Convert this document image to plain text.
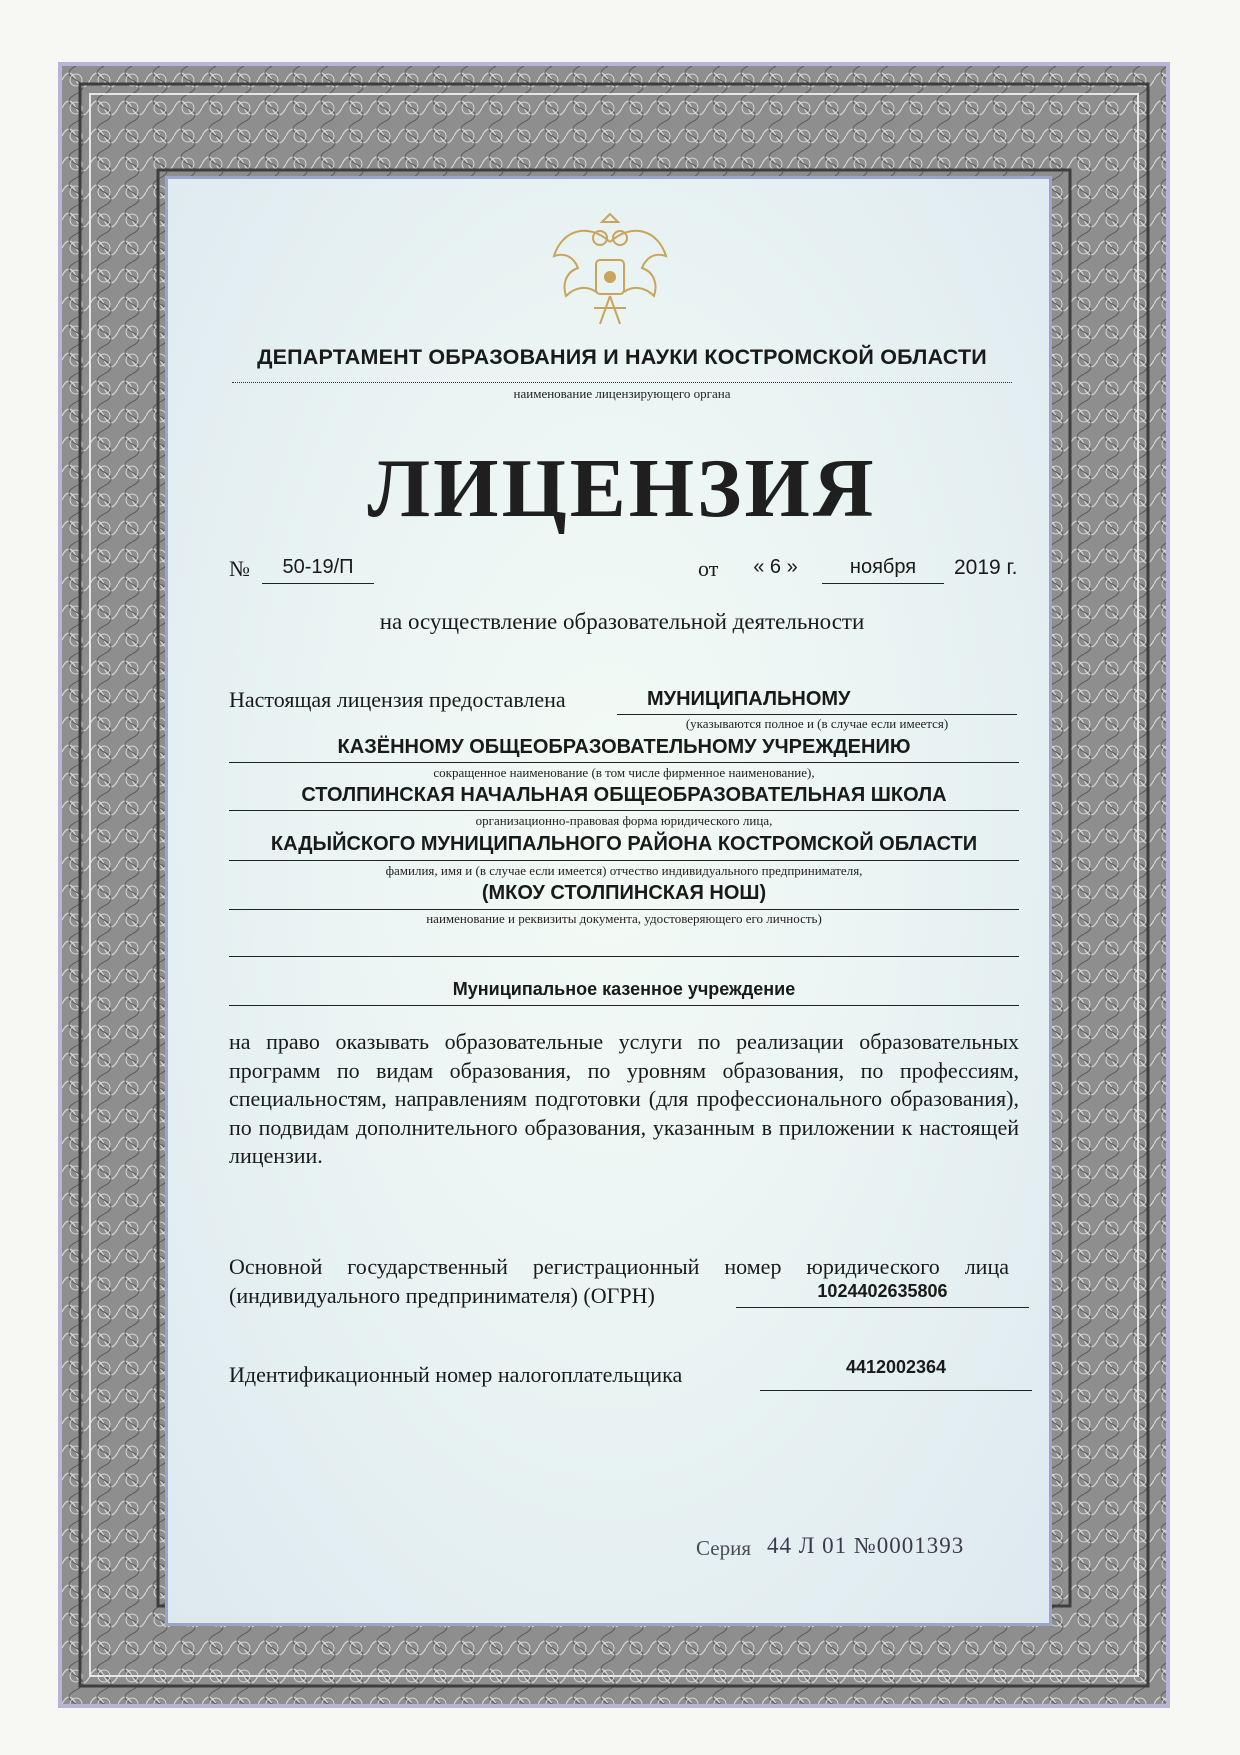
ДЕПАРТАМЕНТ ОБРАЗОВАНИЯ И НАУКИ КОСТРОМСКОЙ ОБЛАСТИ
наименование лицензирующего органа
ЛИЦЕНЗИЯ
№	50-19/П	от « 6 »	ноября	2019 г.
на осуществление образовательной деятельности
Настоящая лицензия предоставлена	МУНИЦИПАЛЬНОМУ
(указываются полное и (в случае если имеется)
КАЗЁННОМУ ОБЩЕОБРАЗОВАТЕЛЬНОМУ УЧРЕЖДЕНИЮ
сокращенное наименование (в том числе фирменное наименование),
СТОЛПИНСКАЯ НАЧАЛЬНАЯ ОБЩЕОБРАЗОВАТЕЛЬНАЯ ШКОЛА
организационно-правовая форма юридического лица,
КАДЫЙСКОГО МУНИЦИПАЛЬНОГО РАЙОНА КОСТРОМСКОЙ ОБЛАСТИ
фамилия, имя и (в случае если имеется) отчество индивидуального предпринимателя,
(МКОУ СТОЛПИНСКАЯ НОШ)
наименование и реквизиты документа, удостоверяющего его личность)
Муниципальное казенное учреждение
на право оказывать образовательные услуги по реализации образовательных программ по видам образования, по уровням образования, по профессиям, специальностям, направлениям подготовки (для профессионального образования), по подвидам дополнительного образования, указанным в приложении к настоящей лицензии.
Основной государственный регистрационный номер юридического лица (индивидуального предпринимателя) (ОГРН)	1024402635806
Идентификационный номер налогоплательщика	4412002364
Серия 44 Л 01 №0001393
